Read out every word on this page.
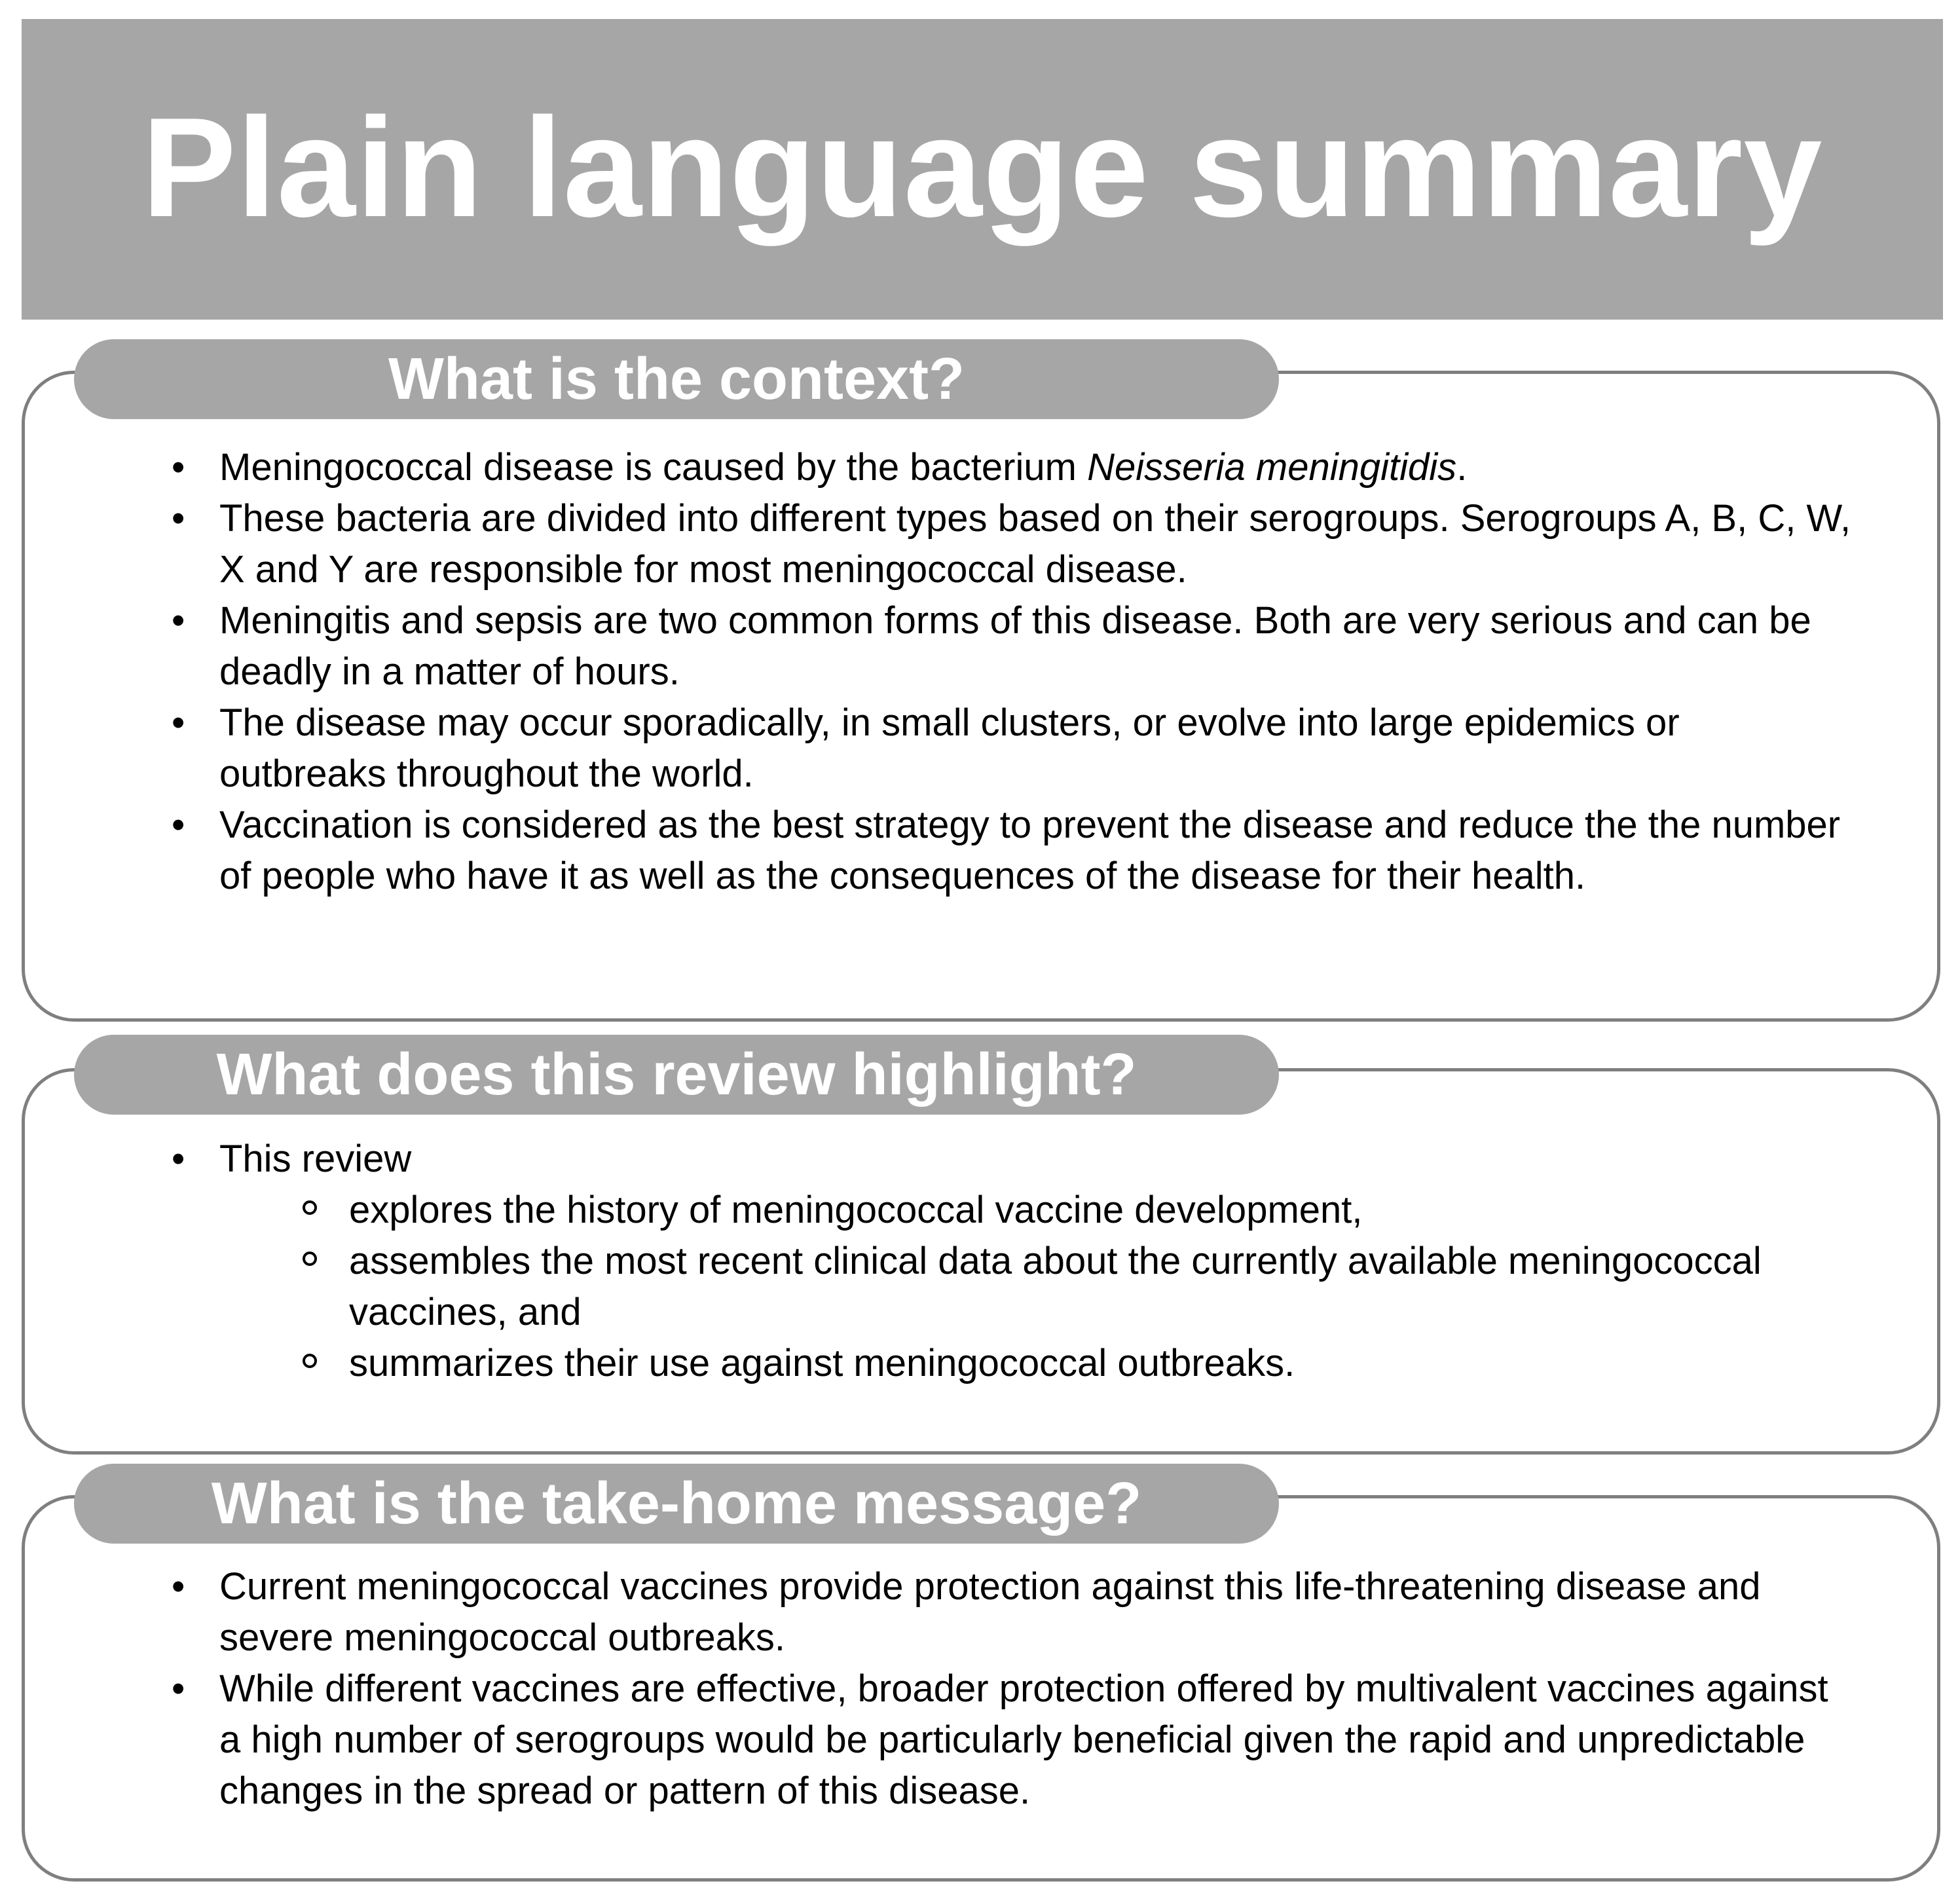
Plain language summary
What is the context?
• Meningococcal disease is caused by the bacterium Neisseria meningitidis.
• These bacteria are divided into different types based on their serogroups. Serogroups A, B, C, W, X and Y are responsible for most meningococcal disease.
• Meningitis and sepsis are two common forms of this disease. Both are very serious and can be deadly in a matter of hours.
• The disease may occur sporadically, in small clusters, or evolve into large epidemics or outbreaks throughout the world.
• Vaccination is considered as the best strategy to prevent the disease and reduce the the number of people who have it as well as the consequences of the disease for their health.
What does this review highlight?
• This review
explores the history of meningococcal vaccine development,
assembles the most recent clinical data about the currently available meningococcal vaccines, and
summarizes their use against meningococcal outbreaks.
What is the take-home message?
• Current meningococcal vaccines provide protection against this life-threatening disease and severe meningococcal outbreaks.
• While different vaccines are effective, broader protection offered by multivalent vaccines against a high number of serogroups would be particularly beneficial given the rapid and unpredictable changes in the spread or pattern of this disease.
